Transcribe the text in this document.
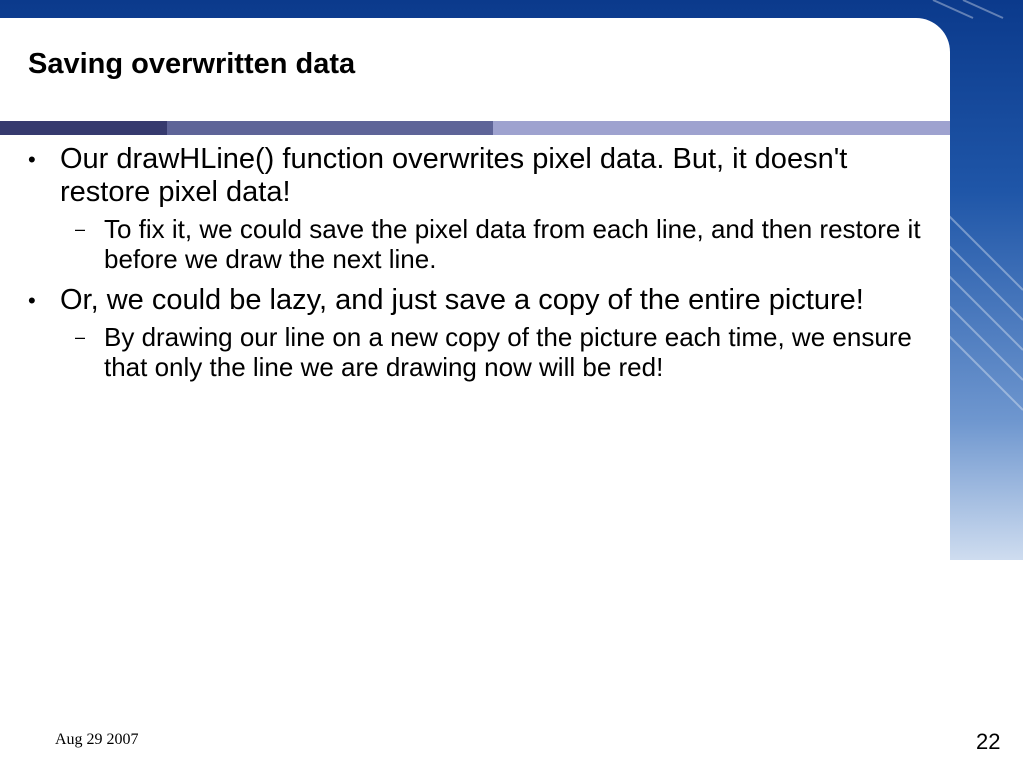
Saving overwritten data
• Our drawHLine() function overwrites pixel data. But, it doesn't restore pixel data!
– To fix it, we could save the pixel data from each line, and then restore it before we draw the next line.
• Or, we could be lazy, and just save a copy of the entire picture!
– By drawing our line on a new copy of the picture each time, we ensure that only the line we are drawing now will be red!
Aug 29 2007	22
